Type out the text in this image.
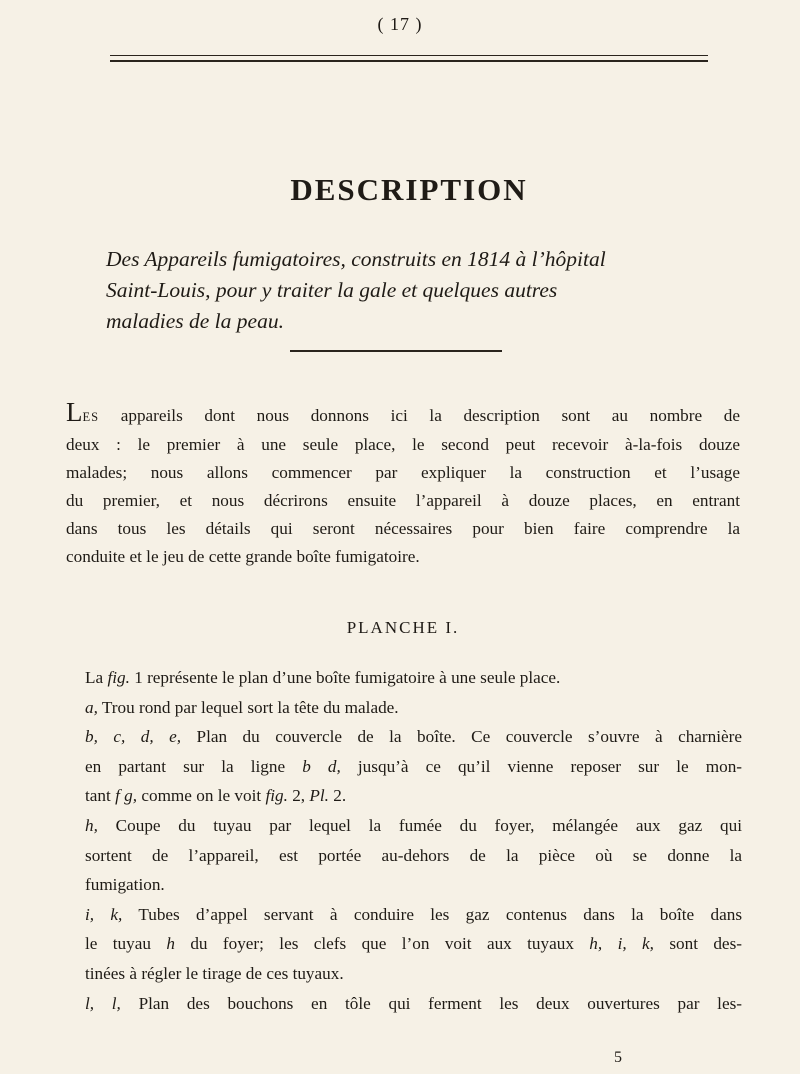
( 17 )
DESCRIPTION
Des Appareils fumigatoires, construits en 1814 à l’hôpital
Saint-Louis, pour y traiter la gale et quelques autres
maladies de la peau.
LES appareils dont nous donnons ici la description sont au nombre de
deux : le premier à une seule place, le second peut recevoir à-la-fois douze
malades; nous allons commencer par expliquer la construction et l’usage
du premier, et nous décrirons ensuite l’appareil à douze places, en entrant
dans tous les détails qui seront nécessaires pour bien faire comprendre la
conduite et le jeu de cette grande boîte fumigatoire.
PLANCHE I.
La fig. 1 représente le plan d’une boîte fumigatoire à une seule place.
a, Trou rond par lequel sort la tête du malade.
b, c, d, e, Plan du couvercle de la boîte. Ce couvercle s’ouvre à charnière
en partant sur la ligne b d, jusqu’à ce qu’il vienne reposer sur le mon-
tant f g, comme on le voit fig. 2, Pl. 2.
h, Coupe du tuyau par lequel la fumée du foyer, mélangée aux gaz qui
sortent de l’appareil, est portée au-dehors de la pièce où se donne la
fumigation.
i, k, Tubes d’appel servant à conduire les gaz contenus dans la boîte dans
le tuyau h du foyer; les clefs que l’on voit aux tuyaux h, i, k, sont des-
tinées à régler le tirage de ces tuyaux.
l, l, Plan des bouchons en tôle qui ferment les deux ouvertures par les-
5
